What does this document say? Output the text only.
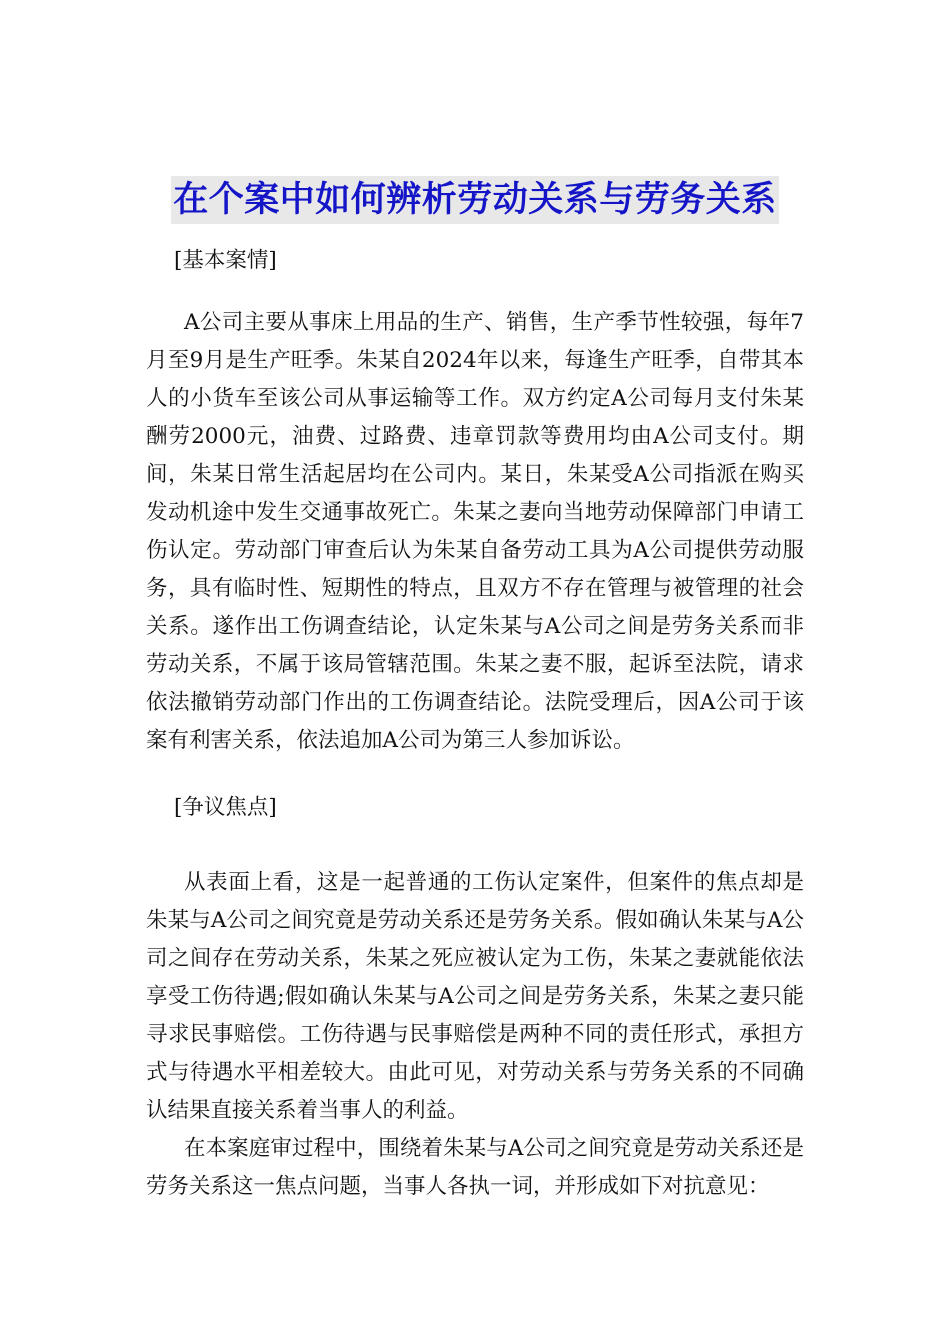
在个案中如何辨析劳动关系与劳务关系
[基本案情]

A公司主要从事床上用品的生产、销售，生产季节性较强，每年7月至9月是生产旺季。朱某自2024年以来，每逢生产旺季，自带其本人的小货车至该公司从事运输等工作。双方约定A公司每月支付朱某酬劳2000元，油费、过路费、违章罚款等费用均由A公司支付。期间，朱某日常生活起居均在公司内。某日，朱某受A公司指派在购买发动机途中发生交通事故死亡。朱某之妻向当地劳动保障部门申请工伤认定。劳动部门审查后认为朱某自备劳动工具为A公司提供劳动服务，具有临时性、短期性的特点，且双方不存在管理与被管理的社会关系。遂作出工伤调查结论，认定朱某与A公司之间是劳务关系而非劳动关系，不属于该局管辖范围。朱某之妻不服，起诉至法院，请求依法撤销劳动部门作出的工伤调查结论。法院受理后，因A公司于该案有利害关系，依法追加A公司为第三人参加诉讼。

[争议焦点]

从表面上看，这是一起普通的工伤认定案件，但案件的焦点却是朱某与A公司之间究竟是劳动关系还是劳务关系。假如确认朱某与A公司之间存在劳动关系，朱某之死应被认定为工伤，朱某之妻就能依法享受工伤待遇;假如确认朱某与A公司之间是劳务关系，朱某之妻只能寻求民事赔偿。工伤待遇与民事赔偿是两种不同的责任形式，承担方式与待遇水平相差较大。由此可见，对劳动关系与劳务关系的不同确认结果直接关系着当事人的利益。

在本案庭审过程中，围绕着朱某与A公司之间究竟是劳动关系还是劳务关系这一焦点问题，当事人各执一词，并形成如下对抗意见：
